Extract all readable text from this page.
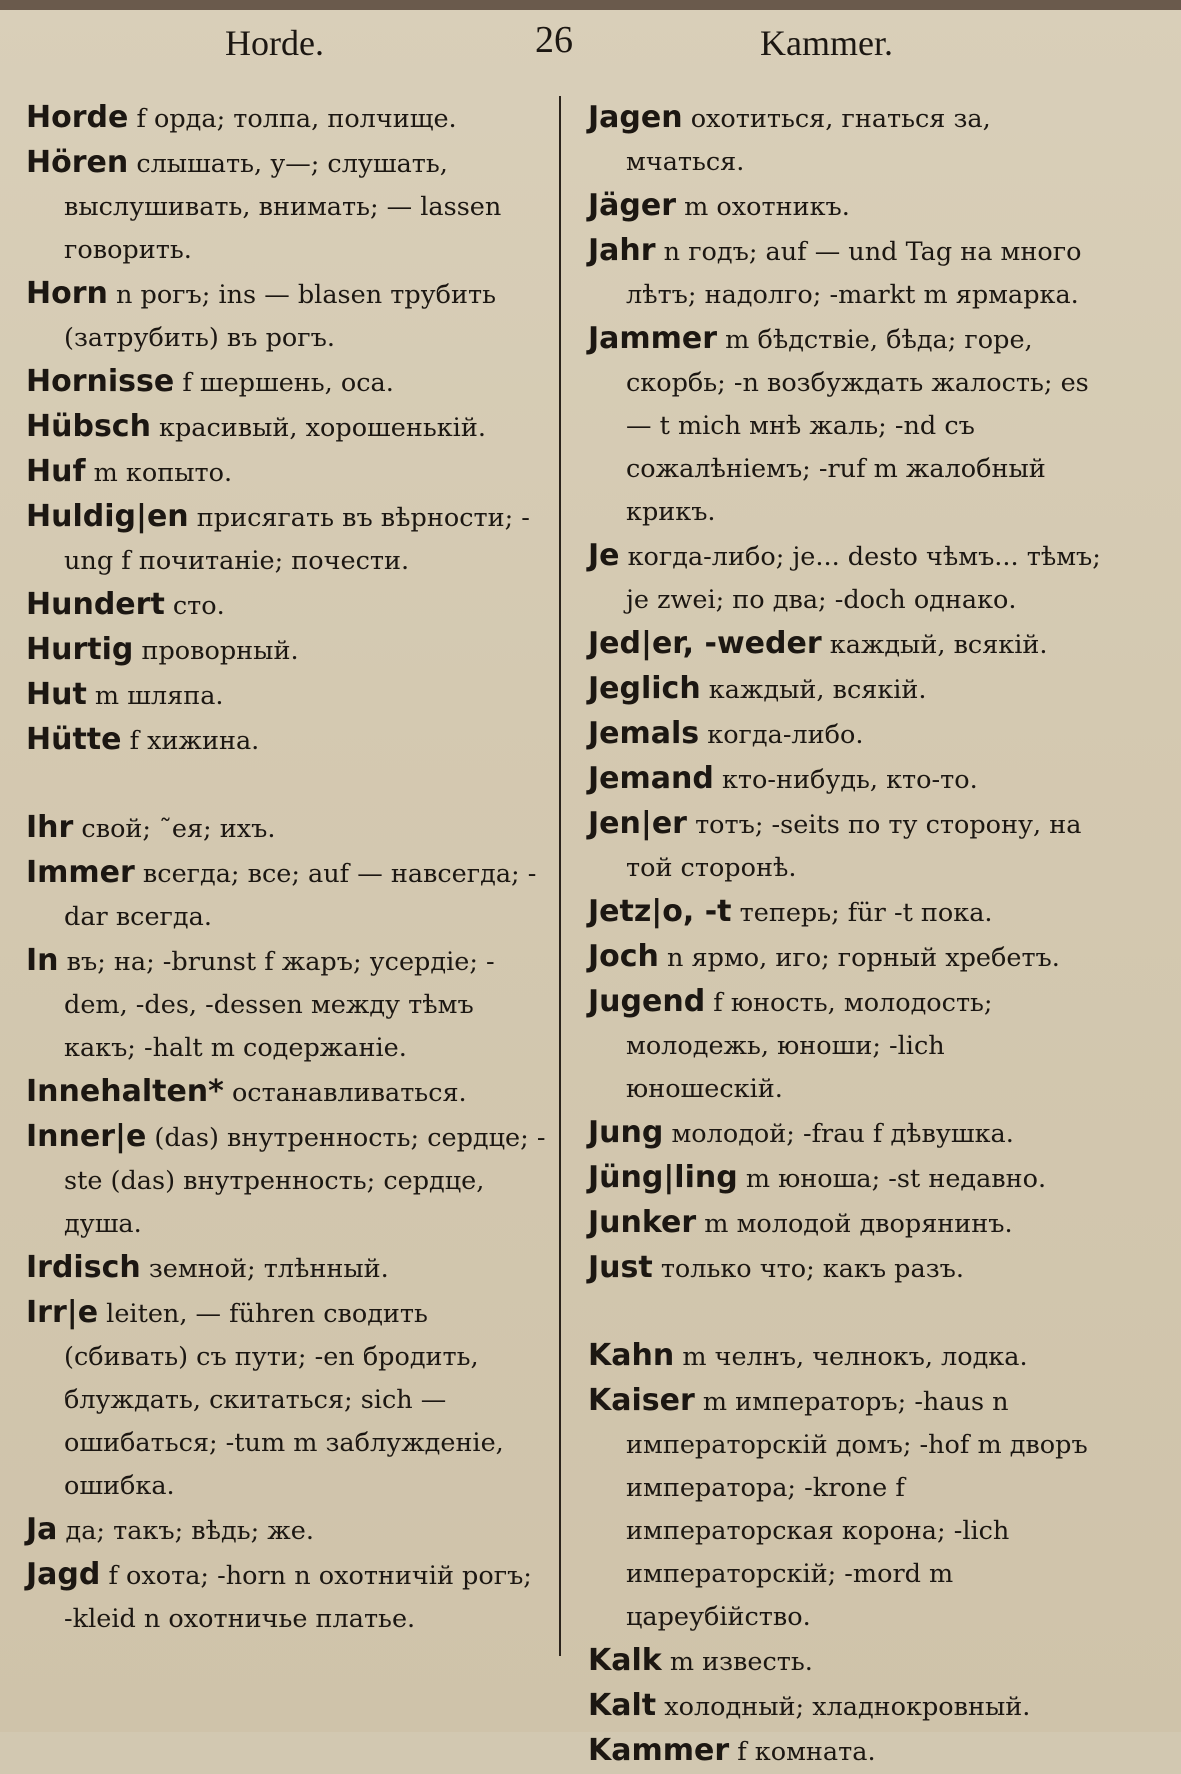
Horde.	26	Kammer.

Horde f орда; толпа, полчище.

Hören слышать, у—; слушать, выслушивать, внимать; — lassen говорить.

Horn n рогъ; ins — blasen трубить (затрубить) въ рогъ.

Hornisse f шершень, оса.

Hübsch красивый, хорошенькій.

Huf m копыто.

Huldig|en присягать въ вѣрности; -ung f почитаніе; почести.

Hundert сто.

Hurtig проворный.

Hut m шляпа.

Hütte f хижина.

Ihr свой; ˜ея; ихъ.

Immer всегда; все; auf — навсегда; -dar всегда.

In въ; на; -brunst f жаръ; усердіе; -dem, -des, -dessen между тѣмъ какъ; -halt m содержаніе.

Innehalten* останавливаться.

Inner|e (das) внутренность; сердце; -ste (das) внутренность; сердце, душа.

Irdisch земной; тлѣнный.

Irr|e leiten, — führen сводить (сбивать) съ пути; -en бродить, блуждать, скитаться; sich — ошибаться; -tum m заблужденіе, ошибка.

Ja да; такъ; вѣдь; же.

Jagd f охота; -horn n охотничій рогъ; -kleid n охотничье платье.

Jagen охотиться, гнаться за, мчаться.

Jäger m охотникъ.

Jahr n годъ; auf — und Tag на много лѣтъ; надолго; -markt m ярмарка.

Jammer m бѣдствіе, бѣда; горе, скорбь; -n возбуждать жалость; es — t mich мнѣ жаль; -nd съ сожалѣніемъ; -ruf m жалобный крикъ.

Je когда-либо; je... desto чѣмъ... тѣмъ; je zwei; по два; -doch однако.

Jed|er, -weder каждый, всякій.

Jeglich каждый, всякій.

Jemals когда-либо.

Jemand кто-нибудь, кто-то.

Jen|er тотъ; -seits по ту сторону, на той сторонѣ.

Jetz|o, -t теперь; für -t пока.

Joch n ярмо, иго; горный хребетъ.

Jugend f юность, молодость; молодежь, юноши; -lich юношескій.

Jung молодой; -frau f дѣвушка.

Jüng|ling m юноша; -st недавно.

Junker m молодой дворянинъ.

Just только что; какъ разъ.

Kahn m челнъ, челнокъ, лодка.

Kaiser m императоръ; -haus n императорскій домъ; -hof m дворъ императора; -krone f императорская корона; -lich императорскій; -mord m цареубійство.

Kalk m известь.

Kalt холодный; хладнокровный.

Kammer f комната.
